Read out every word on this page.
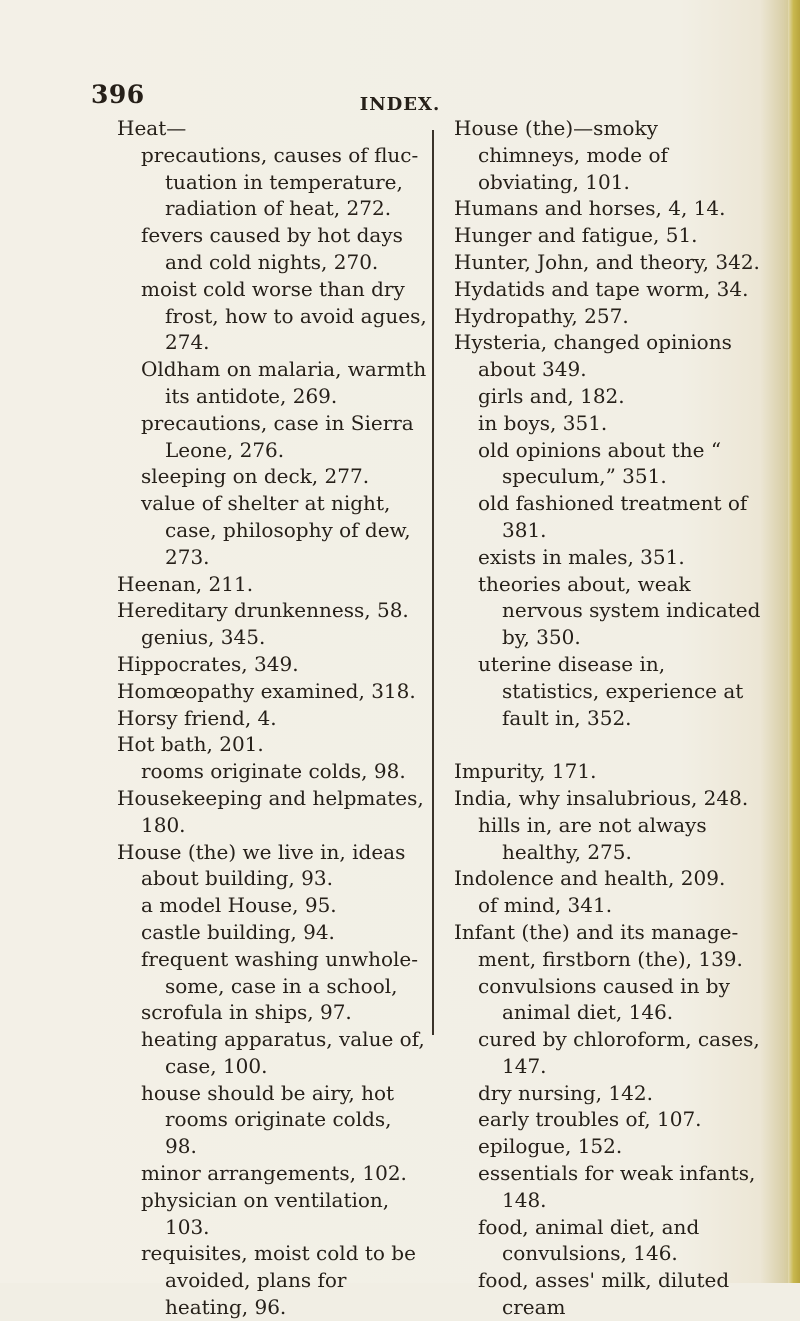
396	INDEX.
Heat—
precautions, causes of fluctuation in temperature, radiation of heat, 272.
fevers caused by hot days and cold nights, 270.
moist cold worse than dry frost, how to avoid agues, 274.
Oldham on malaria, warmth its antidote, 269.
precautions, case in Sierra Leone, 276.
sleeping on deck, 277.
value of shelter at night, case, philosophy of dew, 273.
Heenan, 211.
Hereditary drunkenness, 58.
genius, 345.
Hippocrates, 349.
Homœopathy examined, 318.
Horsy friend, 4.
Hot bath, 201.
rooms originate colds, 98.
Housekeeping and helpmates, 180.
House (the) we live in, ideas about building, 93.
a model House, 95.
castle building, 94.
frequent washing unwholesome, case in a school,
scrofula in ships, 97.
heating apparatus, value of, case, 100.
house should be airy, hot rooms originate colds, 98.
minor arrangements, 102.
physician on ventilation, 103.
requisites, moist cold to be avoided, plans for heating, 96.
House (the)—smoky chimneys, mode of obviating, 101.
Humans and horses, 4, 14.
Hunger and fatigue, 51.
Hunter, John, and theory, 342.
Hydatids and tape worm, 34.
Hydropathy, 257.
Hysteria, changed opinions about 349.
girls and, 182.
in boys, 351.
old opinions about the “ speculum,” 351.
old fashioned treatment of 381.
exists in males, 351.
theories about, weak nervous system indicated by, 350.
uterine disease in, statistics, experience at fault in, 352.
Impurity, 171.
India, why insalubrious, 248.
hills in, are not always healthy, 275.
Indolence and health, 209.
of mind, 341.
Infant (the) and its management, firstborn (the), 139.
convulsions caused in by animal diet, 146.
cured by chloroform, cases, 147.
dry nursing, 142.
early troubles of, 107.
epilogue, 152.
essentials for weak infants, 148.
food, animal diet, and convulsions, 146.
food, asses' milk, diluted cream
